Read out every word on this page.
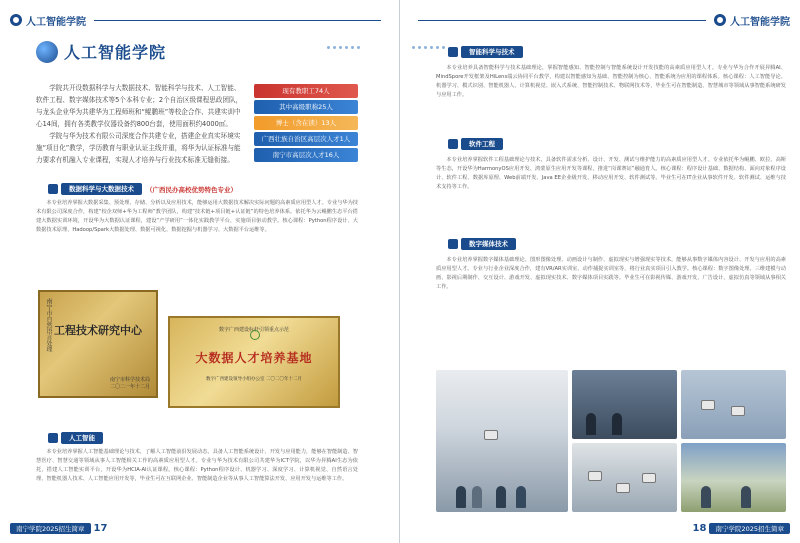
人工智能学院
人工智能学院

学院共开设数据科学与大数据技术、智能科学与技术、人工智能、软件工程、数字媒体技术等5个本科专业；2个自治区级课程思政团队，与龙头企业华为共建华为工程师班和“鲲鹏班”等校企合作、共建实训中心14间，拥有各类教学仪器设备约800台套，使用面积约4000㎡。

学院与华为技术有限公司深度合作共建专业，搭建企业真实环境实施“项目化”教学，学历教育与职业认证主线并重，将华为认证标准与能力要求有机融入专业课程，实现人才培养与行业技术标准无缝衔接。

现有教职工74人
其中高级职称25人
博士（含在读）13人
广西壮族自治区高层次人才1人
南宁市高层次人才16人
数据科学与大数据技术	（广西民办高校优势特色专业）
本专业培养掌握大数据采集、预处理、存储、分析以及应用技术，能够运用大数据技术解决实际问题的高素质应用型人才。专业与华为技术有限公司深度合作，构建“校企双师+华为工程师”教学团队，构建“技术链+项目链+认证链”的特色培养体系。依托华为云鲲鹏生态平台搭建大数据实训环境，开设华为大数据认证课程，建设“产学研用”一体化实践教学平台，实施项目驱动教学。核心课程：Python程序设计、大数据技术原理、Hadoop/Spark大数据处理、数据可视化、数据挖掘与机器学习、大数据平台运维等。
南宁市自然语言处理 工程技术研究中心
南宁市科学技术局
二〇二一年十二月
数字广西建设标杆引领重点示范
大数据人才培养基地
数字广西建设领导小组办公室 二〇二〇年十二月
人工智能
本专业培养掌握人工智能基础理论与技术，了解人工智能前沿发展动态，具备人工智能系统设计、开发与应用能力，能够在智能制造、智慧医疗、智慧交通等领域从事人工智能相关工作的高素质应用型人才。专业与华为技术有限公司共建华为ICT学院，以华为昇腾AI生态为依托，搭建人工智能实训平台，开设华为HCIA-AI认证课程。核心课程：Python程序设计、机器学习、深度学习、计算机视觉、自然语言处理、智能机器人技术、人工智能应用开发等，毕业生可在互联网企业、智能制造企业等从事人工智能算法开发、应用开发与运维等工作。
南宁学院2025招生简章 17
人工智能学院
智能科学与技术
本专业培养具备智能科学与技术基础理论，掌握智能感知、智能控制与智能系统设计开发技能的高素质应用型人才。专业与华为合作开展昇腾AI、MindSpore开发框架及HiLens端云协同平台教学，构建以智能感知为基础、智能控制为核心、智能系统为应用的课程体系。核心课程：人工智能导论、机器学习、模式识别、智能机器人、计算机视觉、嵌入式系统、智能控制技术、物联网技术等，毕业生可在智能制造、智慧城市等领域从事智能系统研发与应用工作。
软件工程
本专业培养掌握软件工程基础理论与技术，具备软件需求分析、设计、开发、测试与维护能力的高素质应用型人才。专业依托华为鲲鹏、欧拉、高斯等生态，开设华为HarmonyOS应用开发、鸿蒙原生应用开发等课程，推进“岗课赛证”融通育人。核心课程：程序设计基础、数据结构、面向对象程序设计、软件工程、数据库原理、Web前端开发、Java EE企业级开发、移动应用开发、软件测试等。毕业生可在IT企业从事软件开发、软件测试、运维与技术支持等工作。
数字媒体技术
本专业培养掌握数字媒体基础理论、图形图像处理、动画设计与制作、虚拟现实与增强现实等技术，能够从事数字媒体内容设计、开发与应用的高素质应用型人才。专业与行业企业深度合作，建有VR/AR实训室、动作捕捉实训室等，将行业真实项目引入教学。核心课程：数字图像处理、三维建模与动画、影视后期制作、交互设计、游戏开发、虚拟现实技术、数字媒体项目实践等。毕业生可在影视传媒、游戏开发、广告设计、虚拟仿真等领域从事相关工作。
18	南宁学院2025招生简章
